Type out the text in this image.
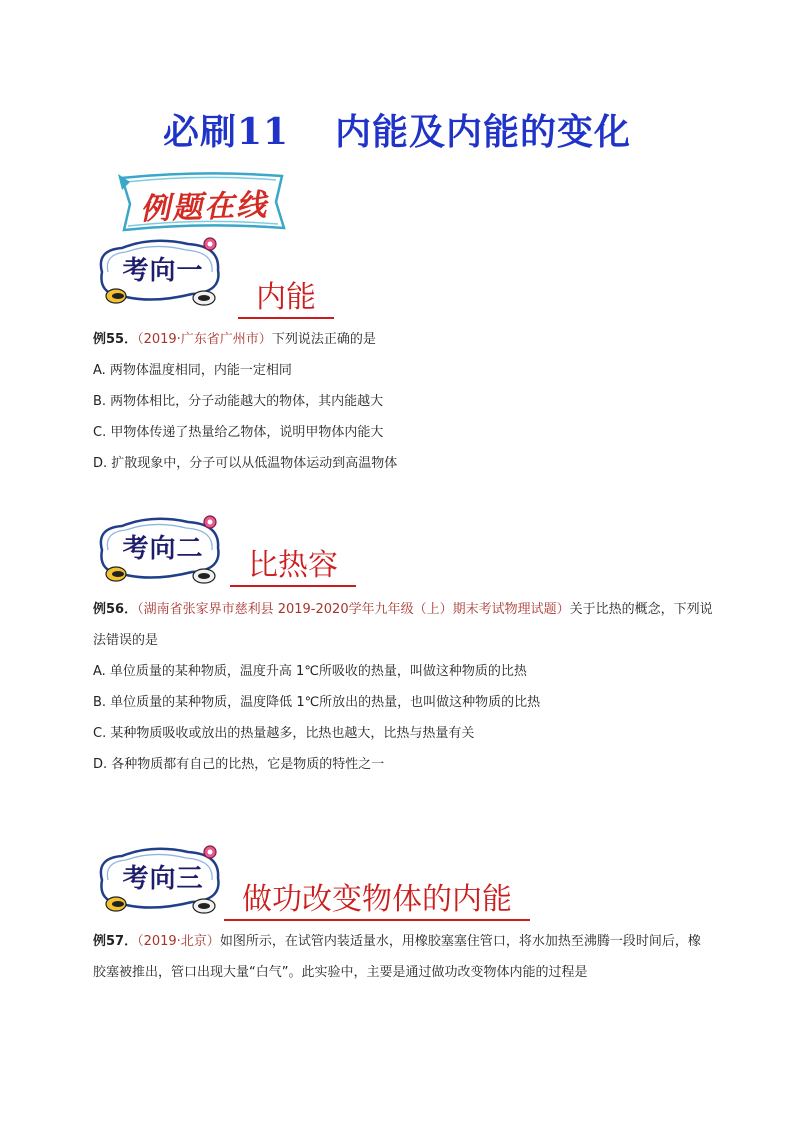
必刷11 内能及内能的变化
例题在线
考向一
内能

例55．（2019·广东省广州市）下列说法正确的是

A. 两物体温度相同，内能一定相同
B. 两物体相比，分子动能越大的物体，其内能越大
C. 甲物体传递了热量给乙物体，说明甲物体内能大
D. 扩散现象中，分子可以从低温物体运动到高温物体
考向二	比热容

例56．（湖南省张家界市慈利县 2019-2020学年九年级（上）期末考试物理试题）关于比热的概念，下列说法错误的是

A. 单位质量的某种物质，温度升高 1℃所吸收的热量，叫做这种物质的比热
B. 单位质量的某种物质，温度降低 1℃所放出的热量，也叫做这种物质的比热
C. 某种物质吸收或放出的热量越多，比热也越大，比热与热量有关
D. 各种物质都有自己的比热，它是物质的特性之一
考向三
做功改变物体的内能

例57．（2019·北京）如图所示，在试管内装适量水，用橡胶塞塞住管口，将水加热至沸腾一段时间后，橡胶塞被推出，管口出现大量“白气”。此实验中，主要是通过做功改变物体内能的过程是
